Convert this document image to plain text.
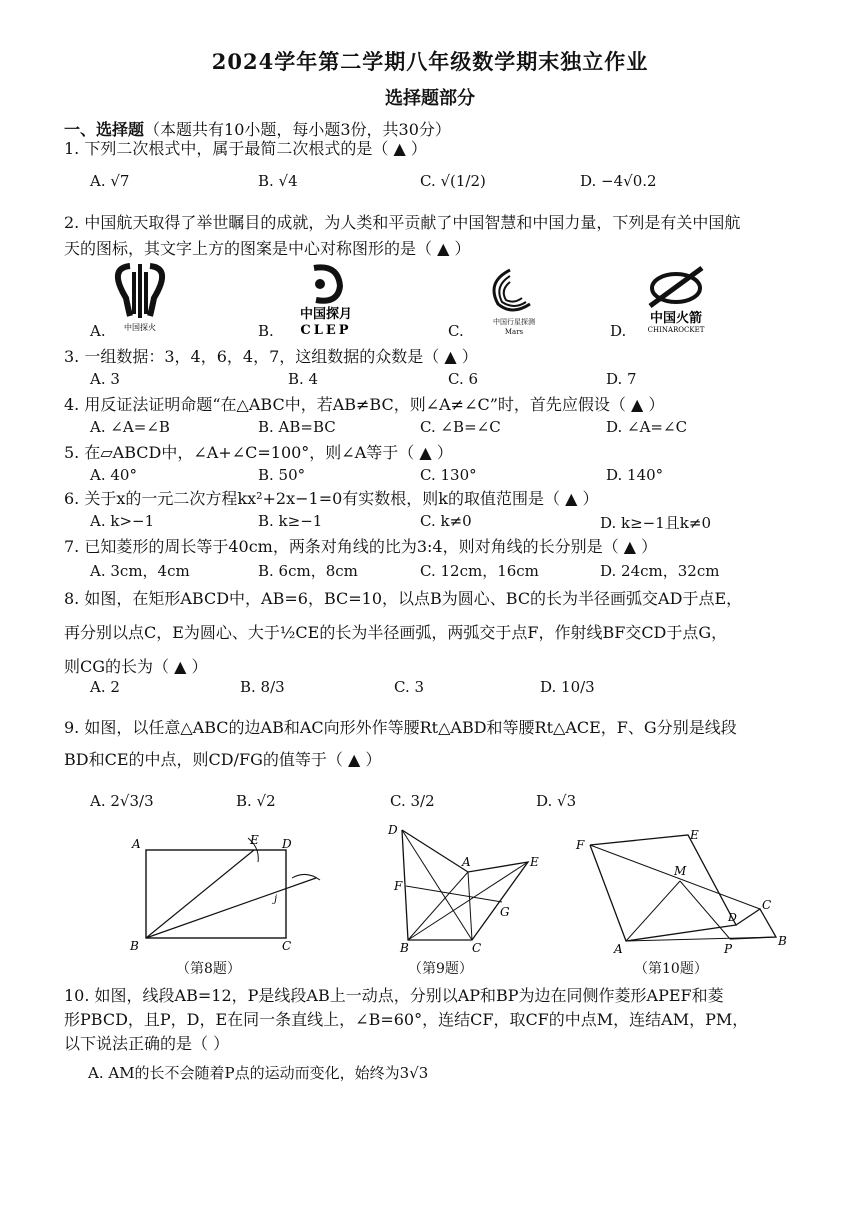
2024学年第二学期八年级数学期末独立作业
选择题部分
一、选择题（本题共有10小题，每小题3份，共30分）
1. 下列二次根式中，属于最简二次根式的是（ ▲ ）
A. √7	B. √4	C. √(1/2)	D. −4√0.2
2. 中国航天取得了举世瞩目的成就，为人类和平贡献了中国智慧和中国力量，下列是有关中国航
天的图标，其文字上方的图案是中心对称图形的是（ ▲ ）
中国探火
中国探月
CLEP
中国行星探测
Mars
中国火箭
CHINAROCKET
A.	B.	C.	D.
3. 一组数据：3，4，6，4，7，这组数据的众数是（ ▲ ）
A. 3	B. 4	C. 6	D. 7
4. 用反证法证明命题“在△ABC中，若AB≠BC，则∠A≠∠C”时，首先应假设（ ▲ ）
A. ∠A=∠B	B. AB=BC	C. ∠B=∠C	D. ∠A=∠C
5. 在▱ABCD中，∠A+∠C=100°，则∠A等于（ ▲ ）
A. 40°	B. 50°	C. 130°	D. 140°
6. 关于x的一元二次方程kx²+2x−1=0有实数根，则k的取值范围是（ ▲ ）
A. k>−1	B. k≥−1	C. k≠0	D. k≥−1且k≠0
7. 已知菱形的周长等于40cm，两条对角线的比为3:4，则对角线的长分别是（ ▲ ）
A. 3cm，4cm	B. 6cm，8cm	C. 12cm，16cm	D. 24cm，32cm
8. 如图，在矩形ABCD中，AB=6，BC=10，以点B为圆心、BC的长为半径画弧交AD于点E，
再分别以点C，E为圆心、大于½CE的长为半径画弧，两弧交于点F，作射线BF交CD于点G，
则CG的长为（ ▲ ）
A. 2	B. 8/3	C. 3	D. 10/3
9. 如图，以任意△ABC的边AB和AC向形外作等腰Rt△ABD和等腰Rt△ACE，F、G分别是线段
BD和CE的中点，则CD/FG的值等于（ ▲ ）
A. 2√3/3	B. √2	C. 3/2	D. √3
A	E D
B	C
j
（第8题）
D
A	E
F
G
B	C
（第9题）
F
E
M
D
C
A	P
B
（第10题）
10. 如图，线段AB=12，P是线段AB上一动点，分别以AP和BP为边在同侧作菱形APEF和菱
形PBCD，且P，D，E在同一条直线上，∠B=60°，连结CF，取CF的中点M，连结AM，PM，
以下说法正确的是（ ）
A. AM的长不会随着P点的运动而变化，始终为3√3
